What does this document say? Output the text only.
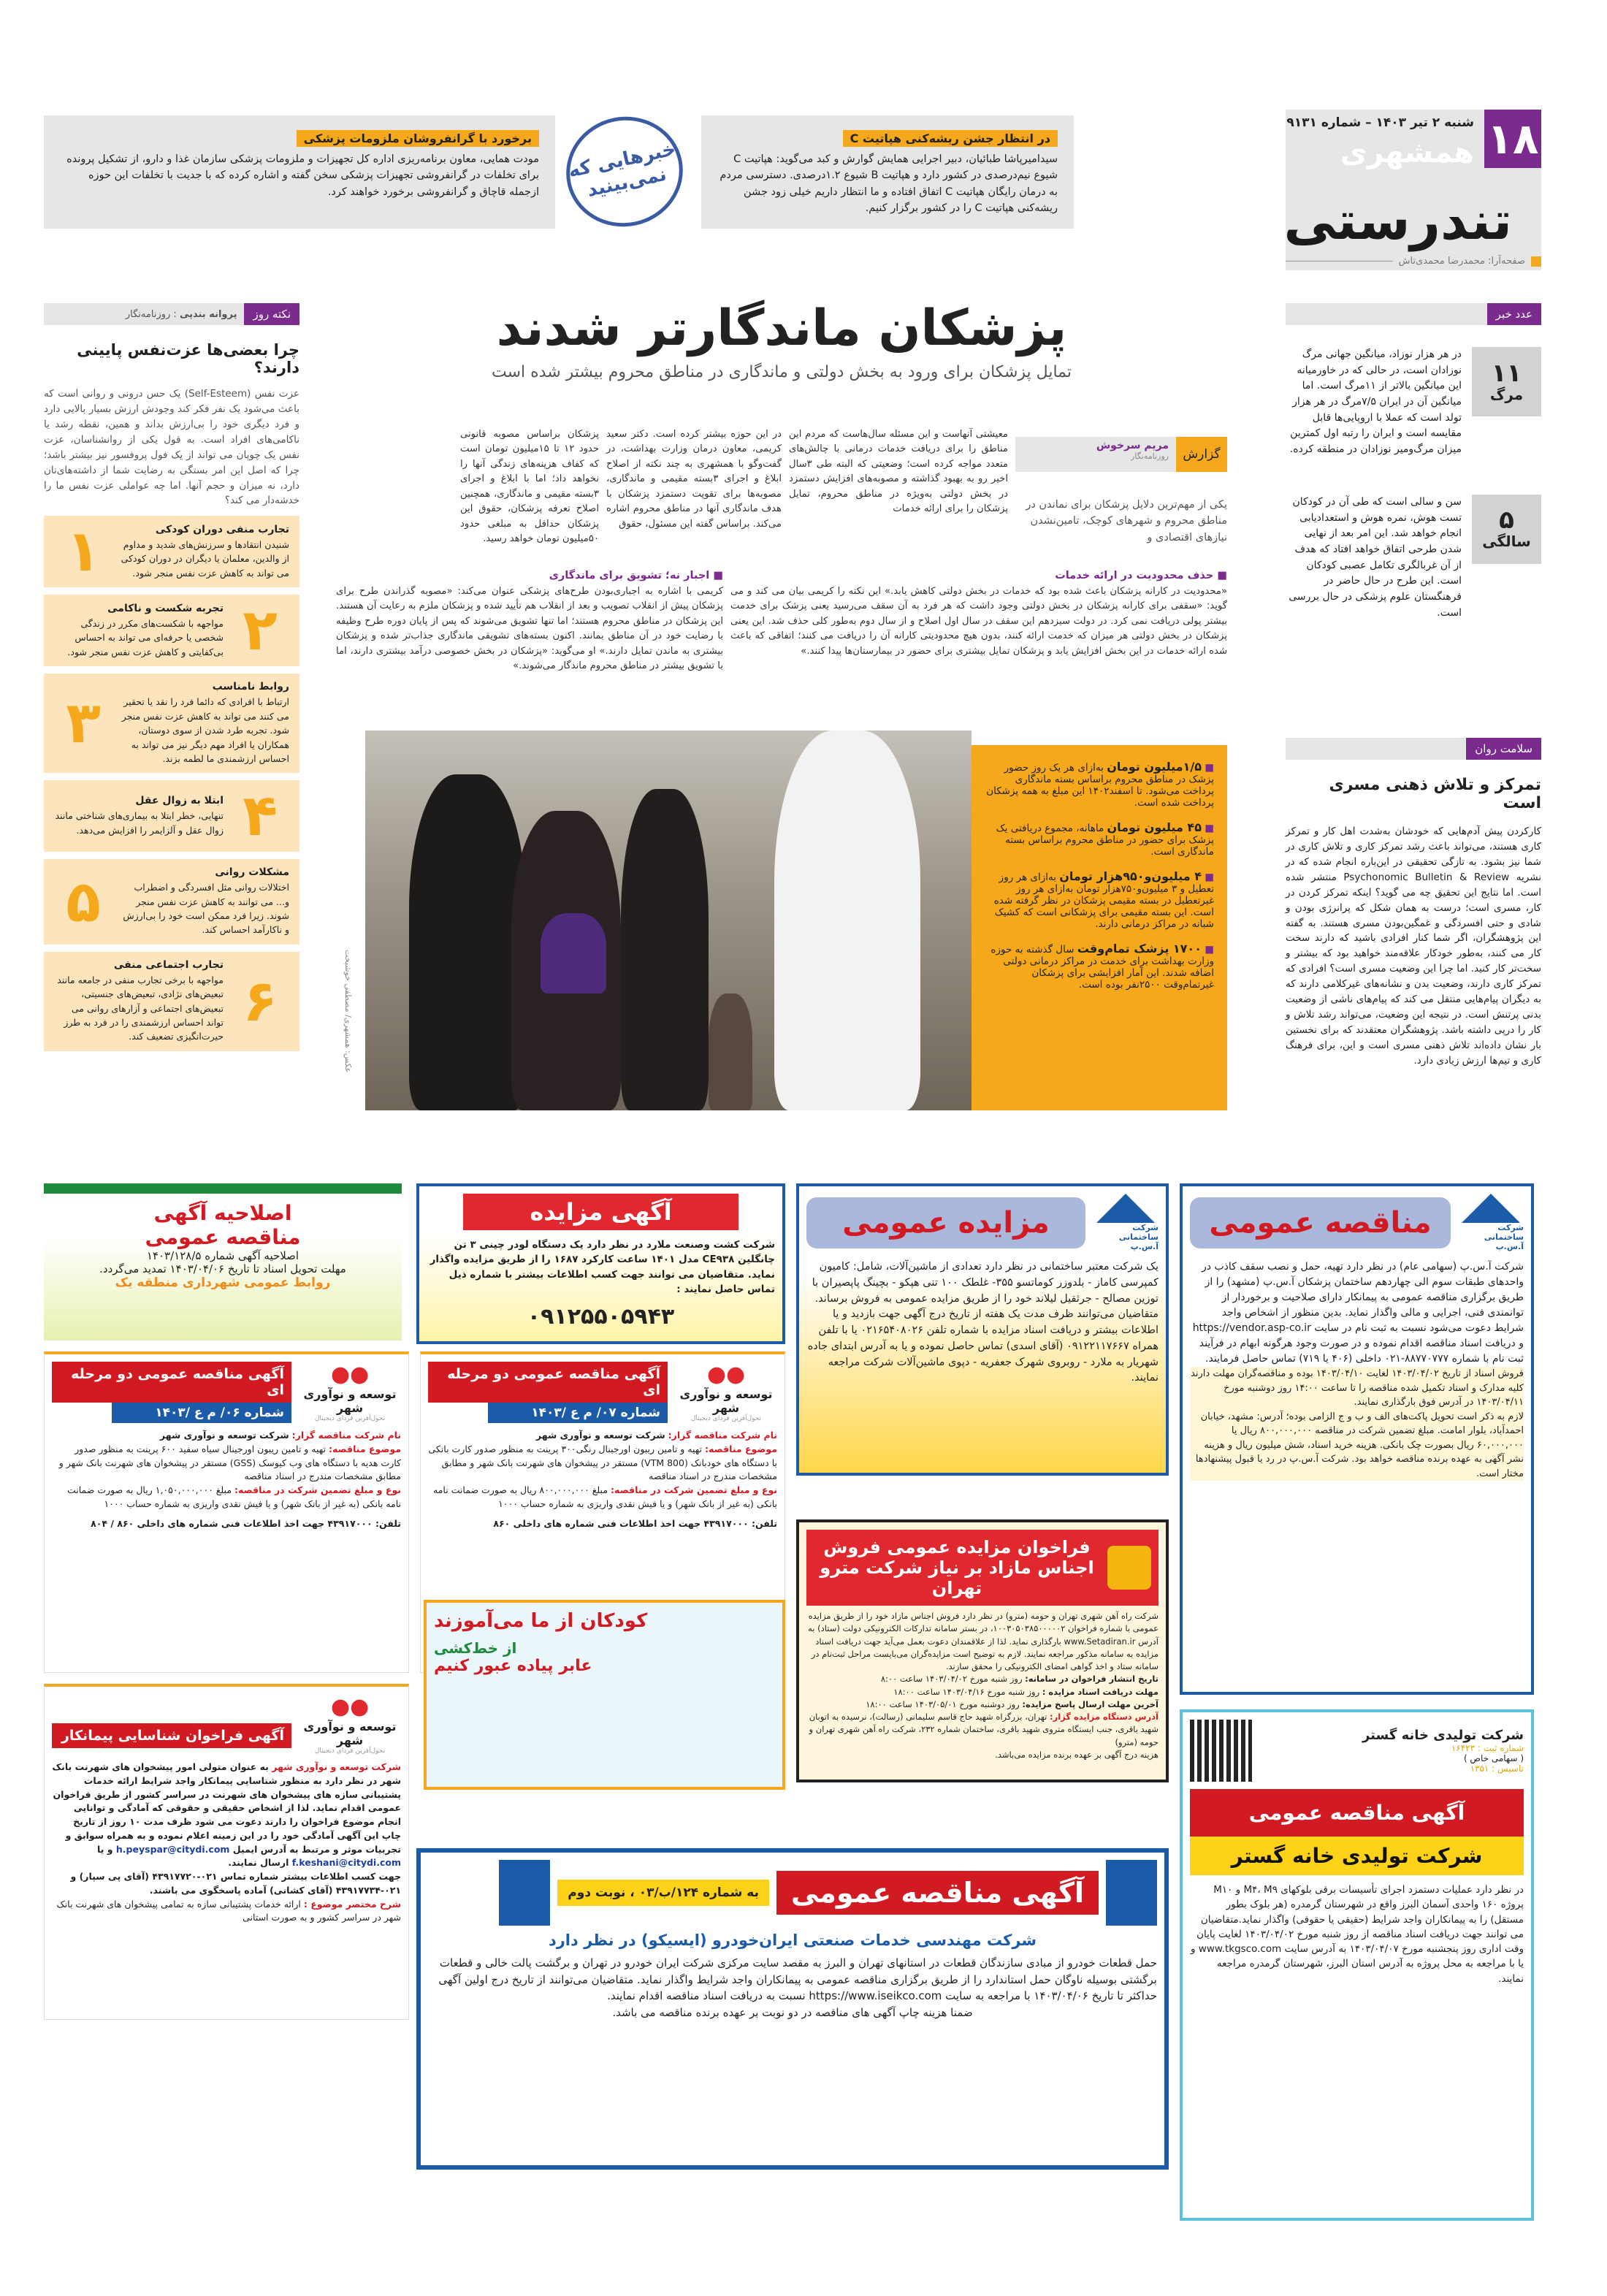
۱۸
شنبه ۲ تیر ۱۴۰۳ – شماره ۹۱۳۱
همشهری
تندرستی
صفحه‌آرا: محمدرضا محمدی‌تاش
در انتظار جشن ریشه‌کنی هپاتیت C

سیدامیرپاشا طبائیان، دبیر اجرایی همایش گوارش و کبد می‌گوید: هپاتیت C شیوع نیم‌درصدی در کشور دارد و هپاتیت B شیوع ۱.۲درصدی. دسترسی مردم به درمان رایگان هپاتیت C اتفاق افتاده و ما انتظار داریم خیلی زود جشن ریشه‌کنی هپاتیت C را در کشور برگزار کنیم.

خبرهایی که نمی‌بینید
برخورد با گرانفروشان ملزومات پزشکی

مودت همایی، معاون برنامه‌ریزی اداره کل تجهیزات و ملزومات پزشکی سازمان غذا و دارو، از تشکیل پرونده برای تخلفات در گرانفروشی تجهیزات پزشکی سخن گفته و اشاره کرده که با جدیت با تخلفات این حوزه ازجمله قاچاق و گرانفروشی برخورد خواهند کرد.

عدد خبر
۱۱
مرگ

در هر هزار نوزاد، میانگین جهانی مرگ نوزادان است، در حالی که در خاورمیانه این میانگین بالاتر از ۱۱مرگ است. اما میانگین آن در ایران ۷/۵مرگ در هر هزار تولد است که عملا با اروپایی‌ها قابل مقایسه است و ایران را رتبه اول کمترین میزان مرگ‌ومیر نوزادان در منطقه کرده.

۵
سالگی

سن و سالی است که طی آن در کودکان تست هوش، نمره هوش و استعدادیابی انجام خواهد شد. این امر بعد از نهایی شدن طرحی اتفاق خواهد افتاد که هدف از آن غربالگری تکامل عصبی کودکان است. این طرح در حال حاضر در فرهنگستان علوم پزشکی در حال بررسی است.

سلامت روان
تمرکز و تلاش ذهنی مسری است

کارکردن پیش آدم‌هایی که خودشان به‌شدت اهل کار و تمرکز کاری هستند، می‌تواند باعث رشد تمرکز کاری و تلاش کاری در شما نیز بشود. به تازگی تحقیقی در این‌باره انجام شده که در نشریه Psychonomic Bulletin & Review منتشر شده است. اما نتایج این تحقیق چه می گوید؟ اینکه تمرکز کردن در کار، مسری است؛ درست به همان شکل که پرانرژی بودن و شادی و حتی افسردگی و غمگین‌بودن مسری هستند. به گفته این پژوهشگران، اگر شما کنار افرادی باشید که دارند سخت کار می کنند، به‌طور خودکار علاقه‌مند خواهید بود که بیشتر و سخت‌تر کار کنید. اما چرا این وضعیت مسری است؟ افرادی که تمرکز کاری دارند، وضعیت بدن و نشانه‌های غیرکلامی دارند که به دیگران پیام‌هایی منتقل می کند که پیام‌های ناشی از وضعیت بدنی پرتنش است. در نتیجه این وضعیت، می‌تواند رشد تلاش و کار را درپی داشته باشد. پژوهشگران معتقدند که برای نخستین بار نشان داده‌اند تلاش ذهنی مسری است و این، برای فرهنگ کاری و تیم‌ها ارزش زیادی دارد.

نکته روز
پروانه بندپی
:
روزنامه‌نگار
چرا بعضی‌ها عزت‌نفس پایینی دارند؟

عزت نفس (Self-Esteem) یک حس درونی و روانی است که باعث می‌شود یک نفر فکر کند وجودش ارزش بسیار بالایی دارد و فرد دیگری خود را بی‌ارزش بداند و همین، نقطه رشد یا ناکامی‌های افراد است. به قول یکی از روانشناسان، عزت نفس یک چوپان می تواند از یک فول پروفسور نیز بیشتر باشد؛ چرا که اصل این امر بستگی به رضایت شما از داشته‌های‌تان دارد، نه میزان و حجم آنها. اما چه عواملی عزت نفس ما را خدشه‌دار می کند؟

تجارب منفی دوران کودکی

شنیدن انتقادها و سرزنش‌های شدید و مداوم از والدین، معلمان یا دیگران در دوران کودکی می تواند به کاهش عزت نفس منجر شود.

۱
۲
تجربه شکست و ناکامی

مواجهه با شکست‌های مکرر در زندگی شخصی یا حرفه‌ای می تواند به احساس بی‌کفایتی و کاهش عزت نفس منجر شود.

روابط نامناسب

ارتباط با افرادی که دائما فرد را نقد یا تحقیر می کنند می تواند به کاهش عزت نفس منجر شود. تجربه طرد شدن از سوی دوستان، همکاران یا افراد مهم دیگر نیز می تواند به احساس ارزشمندی ما لطمه بزند.

۳
۴
ابتلا به زوال عقل

تنهایی، خطر ابتلا به بیماری‌های شناختی مانند زوال عقل و آلزایمر را افزایش می‌دهد.

مشکلات روانی

اختلالات روانی مثل افسردگی و اضطراب و... می توانند به کاهش عزت نفس منجر شوند. زیرا فرد ممکن است خود را بی‌ارزش و ناکارآمد احساس کند.

۵
۶
تجارب اجتماعی منفی

مواجهه با برخی تجارب منفی در جامعه مانند تبعیض‌های نژادی، تبعیض‌های جنسیتی، تبعیض‌های اجتماعی و آزارهای روانی می تواند احساس ارزشمندی را در فرد به طرز حیرت‌انگیزی تضعیف کند.

پزشکان ماندگارتر شدند
تمایل پزشکان برای ورود به بخش دولتی و ماندگاری در مناطق محروم بیشتر شده است
گزارش
مریم سرخوش
روزنامه‌نگار

یکی از مهم‌ترین دلایل پزشکان برای نماندن در مناطق محروم و شهرهای کوچک، تامین‌نشدن نیازهای اقتصادی و

معیشتی آنهاست و این مسئله سال‌هاست که مردم این مناطق را برای دریافت خدمات درمانی با چالش‌های متعدد مواجه کرده است؛ وضعیتی که البته طی ۳سال اخیر رو به بهبود گذاشته و مصوبه‌های افزایش دستمزد در بخش دولتی به‌ویژه در مناطق محروم، تمایل پزشکان را برای ارائه خدمات

در این حوزه بیشتر کرده است. دکتر سعید کریمی، معاون درمان وزارت بهداشت، در گفت‌وگو با همشهری به چند نکته از اصلاح ابلاغ و اجرای ۳بسته مقیمی و ماندگاری، مصوبه‌ها برای تقویت دستمزد پزشکان با هدف ماندگاری آنها در مناطق محروم اشاره می‌کند. براساس گفته این مسئول، حقوق

پزشکان براساس مصوبه قانونی حدود ۱۲ تا ۱۵میلیون تومان است که کفاف هزینه‌های زندگی آنها را نخواهد داد؛ اما با ابلاغ و اجرای ۳بسته مقیمی و ماندگاری، همچنین اصلاح تعرفه پزشکان، حقوق این پزشکان حداقل به مبلغی حدود ۵۰میلیون تومان خواهد رسید.

■ حذف محدودیت در ارائه خدمات

«محدودیت در کارانه پزشکان باعث شده بود که خدمات در بخش دولتی کاهش یابد.» این نکته را کریمی بیان می کند و می گوید: «سقفی برای کارانه پزشکان در بخش دولتی وجود داشت که هر فرد به آن سقف می‌رسید یعنی پزشک برای خدمت بیشتر پولی دریافت نمی کرد. در دولت سیزدهم این سقف در سال اول اصلاح و از سال دوم به‌طور کلی حذف شد. این یعنی پزشکان در بخش دولتی هر میزان که خدمت ارائه کنند، بدون هیچ محدودیتی کارانه آن را دریافت می کنند؛ اتفاقی که باعث شده ارائه خدمات در این بخش افزایش یابد و پزشکان تمایل بیشتری برای حضور در بیمارستان‌ها پیدا کنند.»

■ اجبار نه؛ تشویق برای ماندگاری

کریمی با اشاره به اجباری‌بودن طرح‌های پزشکی عنوان می‌کند: «مصوبه گذراندن طرح برای پزشکان پیش از انقلاب تصویب و بعد از انقلاب هم تأیید شده و پزشکان ملزم به رعایت آن هستند. این پزشکان در مناطق محروم هستند؛ اما تنها تشویق می‌شوند که پس از پایان دوره طرح وظیفه با رضایت خود در آن مناطق بمانند. اکنون بسته‌های تشویقی ماندگاری جذاب‌تر شده و پزشکان بیشتری به ماندن تمایل دارند.» او می‌گوید: «پزشکان در بخش خصوصی درآمد بیشتری دارند، اما با تشویق بیشتر در مناطق محروم ماندگار می‌شوند.»

عکس: همشهری/ مصطفی خوشبخت
■ ۱/۵میلیون تومان به‌ازای هر یک روز حضور پزشک در مناطق محروم براساس بسته ماندگاری پرداخت می‌شود. تا اسفند۱۴۰۲ این مبلغ به همه پزشکان پرداخت شده است.
■ ۴۵ میلیون تومان ماهانه، مجموع دریافتی یک پزشک برای حضور در مناطق محروم براساس بسته ماندگاری است.
■ ۴ میلیون‌و۹۵۰هزار تومان به‌ازای هر روز تعطیل و ۳ میلیون‌و۷۵۰هزار تومان به‌ازای هر روز غیرتعطیل در بسته مقیمی پزشکان در نظر گرفته شده است. این بسته مقیمی برای پزشکانی است که کشیک شبانه در مراکز درمانی دارند.
■ ۱۷۰۰ پزشک تمام‌وقت سال گذشته به حوزه وزارت بهداشت برای خدمت در مراکز درمانی دولتی اضافه شدند. این آمار افزایشی برای پزشکان غیرتمام‌وقت ۲۵۰۰نفر بوده است.
شرکت ساختمانی آ.س.پ
مناقصه عمومی

شرکت آ.س.پ (سهامی عام) در نظر دارد تهیه، حمل و نصب سقف کاذب در واحدهای طبقات سوم الی چهاردهم ساختمان پزشکان آ.س.پ (مشهد) را از طریق برگزاری مناقصه عمومی به پیمانکار دارای صلاحیت و برخوردار از توانمندی فنی، اجرایی و مالی واگذار نماید. بدین منظور از اشخاص واجد شرایط دعوت می‌شود نسبت به ثبت نام در سایت https://vendor.asp-co.ir و دریافت اسناد مناقصه اقدام نموده و در صورت وجود هرگونه ابهام در فرآیند ثبت نام با شماره ۸۸۷۷۰۷۷۷-۰۲۱ داخلی (۴۰۶ یا ۷۱۹) تماس حاصل فرمایند.

فروش اسناد از تاریخ ۱۴۰۳/۰۴/۰۲ لغایت ۱۴۰۳/۰۴/۱۰ بوده و مناقصه‌گران مهلت دارند کلیه مدارک و اسناد تکمیل شده مناقصه را تا ساعت ۱۴:۰۰ روز دوشنبه مورخ ۱۴۰۳/۰۴/۱۱ در آدرس فوق بارگذاری نمایند.

لازم به ذکر است تحویل پاکت‌های الف و ب و ج الزامی بوده؛ آدرس: مشهد، خیابان احمدآباد، بلوار امامت. مبلغ تضمین شرکت در مناقصه ۸۰۰,۰۰۰,۰۰۰ ریال یا ۶۰,۰۰۰,۰۰۰ ریال بصورت چک بانکی. هزینه خرید اسناد، شش میلیون ریال و هزینه نشر آگهی به عهده برنده مناقصه خواهد بود. شرکت آ.س.پ در رد یا قبول پیشنهادها مختار است.

شرکت ساختمانی آ.س.پ
مزایده عمومی

یک شرکت معتبر ساختمانی در نظر دارد تعدادی از ماشین‌آلات، شامل: کامیون کمپرسی کاماز - بلدوزر کوماتسو ۳۵۵- غلطک ۱۰۰ تنی هپکو - بچینگ پاپصیران با توزین مصالح - جرثقیل لیلاند خود را از طریق مزایده عمومی به فروش برساند. متقاضیان می‌توانند ظرف مدت یک هفته از تاریخ درج آگهی جهت بازدید و یا اطلاعات بیشتر و دریافت اسناد مزایده با شماره تلفن ۰۲۱۶۵۴۰۸۰۲۶ یا با تلفن همراه ۰۹۱۲۲۱۱۷۶۶۷ (آقای اسدی) تماس حاصل نموده و یا به آدرس ابتدای جاده شهریار به ملارد - روبروی شهرک جعفریه - دپوی ماشین‌آلات شرکت مراجعه نمایند.

فراخوان مزایده عمومی فروش اجناس مازاد بر نیاز شرکت مترو تهران

شرکت راه آهن شهری تهران و حومه (مترو) در نظر دارد فروش اجناس مازاد خود را از طریق مزایده عمومی با شماره فراخوان ۱۰۰۳۰۵۰۳۸۵۰۰۰۰۰۲، در بستر سامانه تدارکات الکترونیکی دولت (ستاد) به آدرس www.Setadiran.ir بارگذاری نماید. لذا از علاقمندان دعوت بعمل می‌آید جهت دریافت اسناد مزایده به سامانه مذکور مراجعه نمایند. لازم به توضیح است مزایده‌گران می‌بایست مراحل ثبت‌نام در سامانه ستاد و اخذ گواهی امضای الکترونیکی را محقق سازند.

تاریخ انتشار فراخوان در سامانه: روز شنبه مورخ ۱۴۰۳/۰۴/۰۲ ساعت ۸:۰۰

مهلت دریافت اسناد مزایده : روز شنبه مورخ ۱۴۰۳/۰۴/۱۶ ساعت ۱۸:۰۰

آخرین مهلت ارسال پاسخ مزایده: روز دوشنبه مورخ ۱۴۰۳/۰۵/۰۱ ساعت ۱۸:۰۰

آدرس دستگاه مزایده گزار: تهران، بزرگراه شهید حاج قاسم سلیمانی (رسالت)، نرسیده به اتوبان شهید باقری، جنب ایستگاه متروی شهید باقری، ساختمان شماره ۲۳۲، شرکت راه آهن شهری تهران و حومه (مترو)

هزینه درج آگهی بر عهده برنده مزایده می‌باشد.

آگهی مزایده

شرکت کشت وصنعت ملارد در نظر دارد یک دستگاه لودر چینی ۳ تن چانگلین CE۹۳۸ مدل ۱۴۰۱ ساعت کارکرد ۱۶۸۷ را از طریق مزایده واگذار نماید. متقاضیان می توانند جهت کسب اطلاعات بیشتر با شماره ذیل تماس حاصل نمایند :

۰۹۱۲۵۵۰۵۹۴۳
اصلاحیه آگهی
مناقصه عمومی
اصلاحیه آگهی شماره ۱۴۰۳/۱۲۸/۵
مهلت تحویل اسناد تا تاریخ ۱۴۰۳/۰۴/۰۶ تمدید می‌گردد.
روابط عمومی شهرداری منطقه یک
●●
توسعه و نوآوری شهر
تحول‌آفرین فردای دیجیتال
آگهی مناقصه عمومی دو مرحله ای
شماره ۰۷/ م ع /۱۴۰۳

نام شرکت مناقصه گزار: شرکت توسعه و نوآوری شهر

موضوع مناقصه: تهیه و تامین ریبون اورجینال رنگی۳۰۰ پرینت به منظور صدور کارت بانکی با دستگاه های خودبانک (VTM 800) مستقر در پیشخوان های شهرنت بانک شهر و مطابق مشخصات مندرج در اسناد مناقصه

نوع و مبلغ تضمین شرکت در مناقصه: مبلغ ۸۰۰,۰۰۰,۰۰۰ ریال به صورت ضمانت نامه بانکی (به غیر از بانک شهر) و یا فیش نقدی واریزی به شماره حساب ۱۰۰۰

تلفن: ۴۳۹۱۷۰۰۰ جهت اخذ اطلاعات فنی شماره های داخلی ۸۶۰

●●
توسعه و نوآوری شهر
تحول‌آفرین فردای دیجیتال
آگهی مناقصه عمومی دو مرحله ای
شماره ۰۶/ م ع /۱۴۰۳

نام شرکت مناقصه گزار: شرکت توسعه و نوآوری شهر

موضوع مناقصه: تهیه و تامین ریبون اورجینال سیاه سفید ۶۰۰ پرینت به منظور صدور کارت هدیه با دستگاه های وب کیوسک (GSS) مستقر در پیشخوان های شهرنت بانک شهر و مطابق مشخصات مندرج در اسناد مناقصه

نوع و مبلغ تضمین شرکت در مناقصه: مبلغ ۱,۰۵۰,۰۰۰,۰۰۰ ریال به صورت ضمانت نامه بانکی (به غیر از بانک شهر) و یا فیش نقدی واریزی به شماره حساب ۱۰۰۰

تلفن: ۴۳۹۱۷۰۰۰ جهت اخذ اطلاعات فنی شماره های داخلی ۸۶۰ / ۸۰۴

●●
توسعه و نوآوری شهر
تحول‌آفرین فردای دیجیتال
آگهی فراخوان شناسایی پیمانکار

شرکت توسعه و نوآوری شهر به عنوان متولی امور پیشخوان های شهرنت بانک شهر در نظر دارد به منظور شناسایی پیمانکار واجد شرایط ارائه خدمات پشتیبانی سازه های پیشخوان های شهرنت در سراسر کشور از طریق فراخوان عمومی اقدام نماید. لذا از اشخاص حقیقی و حقوقی که آمادگی و توانایی انجام موضوع فراخوان را دارند دعوت می شود ظرف مدت ۱۰ روز از تاریخ چاپ این آگهی آمادگی خود را در این زمینه اعلام نموده و به همراه سوابق و تجربیات موثر و مرتبط به آدرس ایمیل h.peyspar@citydi.com و یا f.keshani@citydi.com ارسال نمایند.

جهت کسب اطلاعات بیشتر شماره تماس ۰۲۱-۴۳۹۱۷۷۲۰ (آقای پی سپار) و ۰۲۱-۴۳۹۱۷۷۳۴ (آقای کشانی) آماده پاسخگوی می باشند.

شرح مختصر موضوع : ارائه خدمات پشتیبانی سازه به تمامی پیشخوان های شهرنت بانک شهر در سراسر کشور و به صورت استانی

کودکان از ما می‌آموزند
از خط‌کشی
عابر پیاده عبور کنیم
آگهی مناقصه عمومی
به شماره ۱۲۴/ب/۰۳ ، نوبت دوم
شرکت مهندسی خدمات صنعتی ایران‌خودرو (ایسیکو) در نظر دارد

حمل قطعات خودرو از مبادی سازندگان قطعات در استانهای تهران و البرز به مقصد سایت مرکزی شرکت ایران خودرو در تهران و برگشت پالت خالی و قطعات برگشتی بوسیله ناوگان حمل استاندارد را از طریق برگزاری مناقصه عمومی به پیمانکاران واجد شرایط واگذار نماید. متقاضیان می‌توانند از تاریخ درج اولین آگهی حداکثر تا تاریخ ۱۴۰۳/۰۴/۰۶ با مراجعه به سایت https://www.iseikco.com نسبت به دریافت اسناد مناقصه اقدام نمایند.

ضمنا هزینه چاپ آگهی های مناقصه در دو نوبت بر عهده برنده مناقصه می باشد.

شرکت تولیدی خانه گستر
شماره ثبت : ۱۶۴۲۳
( سهامی خاص )
تاسیس : ۱۳۵۱
آگهی مناقصه عمومی
شرکت تولیدی خانه گستر

در نظر دارد عملیات دستمزد اجرای تأسیسات برقی بلوکهای M۴، M۹ و M۱۰ پروژه ۱۶۰ واحدی آسمان البرز واقع در شهرستان گرمدره (هر بلوک بطور مستقل) را به پیمانکاران واجد شرایط (حقیقی یا حقوقی) واگذار نماید.متقاضیان می توانند جهت دریافت اسناد مناقصه از روز شنبه مورخ ۱۴۰۳/۰۴/۰۲ لغایت پایان وقت اداری روز پنجشنبه مورخ ۱۴۰۳/۰۴/۰۷ به آدرس سایت www.tkgsco.com و یا با مراجعه به محل پروژه به آدرس استان البرز، شهرستان گرمدره مراجعه نمایند.
